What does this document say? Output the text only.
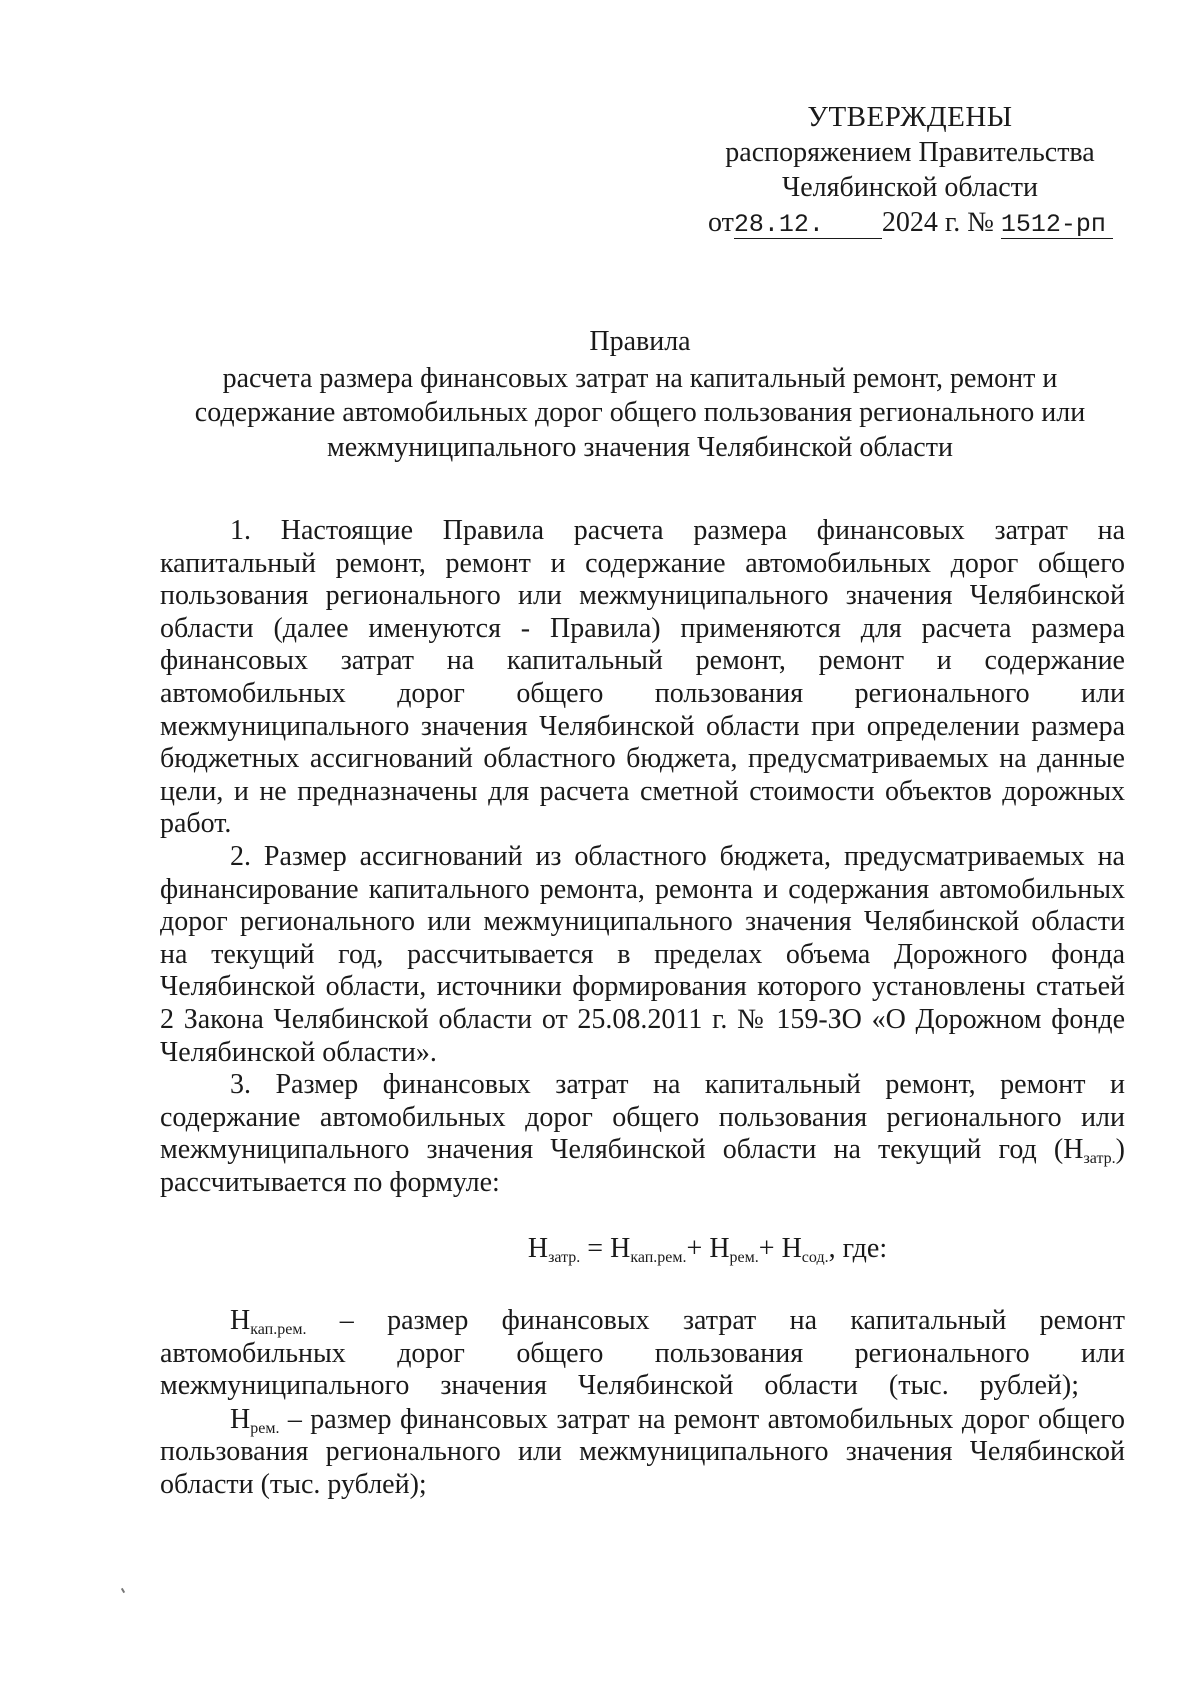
УТВЕРЖДЕНЫ
распоряжением Правительства
Челябинской области
от28.12. 2024 г. № 1512-рп
Правила
расчета размера финансовых затрат на капитальный ремонт, ремонт и
содержание автомобильных дорог общего пользования регионального или
межмуниципального значения Челябинской области

1. Настоящие Правила расчета размера финансовых затрат на капитальный ремонт, ремонт и содержание автомобильных дорог общего пользования регионального или межмуниципального значения Челябинской области (далее именуются - Правила) применяются для расчета размера финансовых затрат на капитальный ремонт, ремонт и содержание автомобильных дорог общего пользования регионального или межмуниципального значения Челябинской области при определении размера бюджетных ассигнований областного бюджета, предусматриваемых на данные цели, и не предназначены для расчета сметной стоимости объектов дорожных работ.

2. Размер ассигнований из областного бюджета, предусматриваемых на финансирование капитального ремонта, ремонта и содержания автомобильных дорог регионального или межмуниципального значения Челябинской области на текущий год, рассчитывается в пределах объема Дорожного фонда Челябинской области, источники формирования которого установлены статьей 2 Закона Челябинской области от 25.08.2011 г. № 159-ЗО «О Дорожном фонде Челябинской области».

3. Размер финансовых затрат на капитальный ремонт, ремонт и содержание автомобильных дорог общего пользования регионального или межмуниципального значения Челябинской области на текущий год $(Н_{затр.})$ рассчитывается по формуле:

$Н_{затр.} = Н_{кап.рем.}+ Н_{рем.}+ Н_{сод.}$, где:

$Н_{кап.рем.}$ – размер финансовых затрат на капитальный ремонт автомобильных дорог общего пользования регионального или межмуниципального значения Челябинской области (тыс. рублей);

$Н_{рем.}$ – размер финансовых затрат на ремонт автомобильных дорог общего пользования регионального или межмуниципального значения Челябинской области (тыс. рублей);
